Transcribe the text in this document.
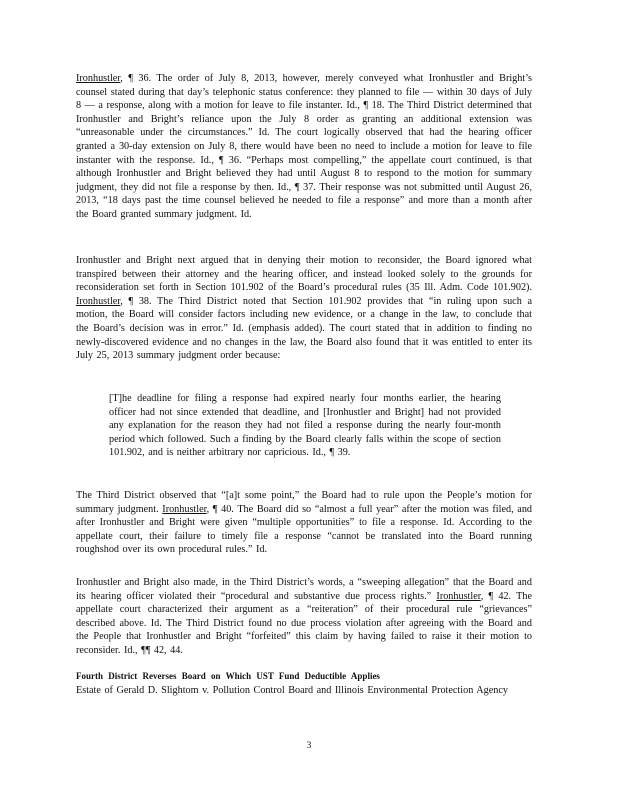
Ironhustler, ¶ 36. The order of July 8, 2013, however, merely conveyed what Ironhustler and Bright’s counsel stated during that day’s telephonic status conference: they planned to file — within 30 days of July 8 — a response, along with a motion for leave to file instanter. Id., ¶ 18. The Third District determined that Ironhustler and Bright’s reliance upon the July 8 order as granting an additional extension was “unreasonable under the circumstances.” Id. The court logically observed that had the hearing officer granted a 30-day extension on July 8, there would have been no need to include a motion for leave to file instanter with the response. Id., ¶ 36. “Perhaps most compelling,” the appellate court continued, is that although Ironhustler and Bright believed they had until August 8 to respond to the motion for summary judgment, they did not file a response by then. Id., ¶ 37. Their response was not submitted until August 26, 2013, “18 days past the time counsel believed he needed to file a response” and more than a month after the Board granted summary judgment. Id.
Ironhustler and Bright next argued that in denying their motion to reconsider, the Board ignored what transpired between their attorney and the hearing officer, and instead looked solely to the grounds for reconsideration set forth in Section 101.902 of the Board’s procedural rules (35 Ill. Adm. Code 101.902). Ironhustler, ¶ 38. The Third District noted that Section 101.902 provides that “in ruling upon such a motion, the Board will consider factors including new evidence, or a change in the law, to conclude that the Board’s decision was in error.” Id. (emphasis added). The court stated that in addition to finding no newly-discovered evidence and no changes in the law, the Board also found that it was entitled to enter its July 25, 2013 summary judgment order because:
[T]he deadline for filing a response had expired nearly four months earlier, the hearing officer had not since extended that deadline, and [Ironhustler and Bright] had not provided any explanation for the reason they had not filed a response during the nearly four-month period which followed. Such a finding by the Board clearly falls within the scope of section 101.902, and is neither arbitrary nor capricious. Id., ¶ 39.
The Third District observed that “[a]t some point,” the Board had to rule upon the People’s motion for summary judgment. Ironhustler, ¶ 40. The Board did so “almost a full year” after the motion was filed, and after Ironhustler and Bright were given “multiple opportunities” to file a response. Id. According to the appellate court, their failure to timely file a response “cannot be translated into the Board running roughshod over its own procedural rules.” Id.
Ironhustler and Bright also made, in the Third District’s words, a “sweeping allegation” that the Board and its hearing officer violated their “procedural and substantive due process rights.” Ironhustler, ¶ 42. The appellate court characterized their argument as a “reiteration” of their procedural rule “grievances” described above. Id. The Third District found no due process violation after agreeing with the Board and the People that Ironhustler and Bright “forfeited” this claim by having failed to raise it their motion to reconsider. Id., ¶¶ 42, 44.
Fourth District Reverses Board on Which UST Fund Deductible Applies
Estate of Gerald D. Slightom v. Pollution Control Board and Illinois Environmental Protection Agency
3
